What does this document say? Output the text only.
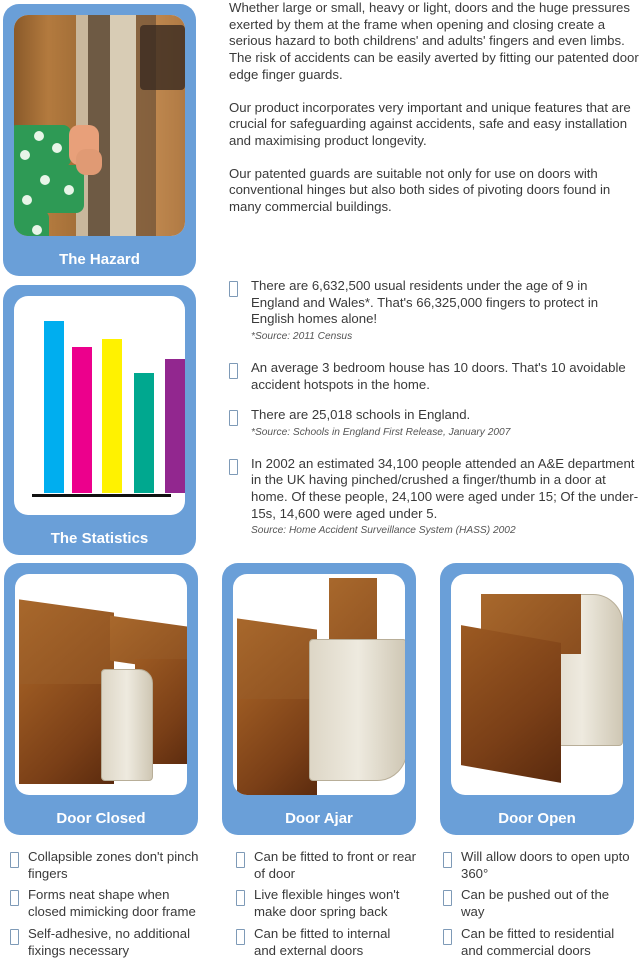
Whether large or small, heavy or light, doors and the huge pressures exerted by them at the frame when opening and closing create a serious hazard to both childrens' and adults' fingers and even limbs. The risk of accidents can be easily averted by fitting our patented door edge finger guards.

Our product incorporates very important and unique features that are crucial for safeguarding against accidents, safe and easy installation and maximising product longevity.

Our patented guards are suitable not only for use on doors with conventional hinges but also both sides of pivoting doors found in many commercial buildings.

The Hazard
The Statistics
There are 6,632,500 usual residents under the age of 9 in England and Wales*. That's 66,325,000 fingers to protect in English homes alone!
*Source: 2011 Census
An average 3 bedroom house has 10 doors. That's 10 avoidable accident hotspots in the home.
There are 25,018 schools in England.
*Source: Schools in England First Release, January 2007
In 2002 an estimated 34,100 people attended an A&E department in the UK having pinched/crushed a finger/thumb in a door at home. Of these people, 24,100 were aged under 15; Of the under-15s, 14,600 were aged under 5.
Source: Home Accident Surveillance System (HASS) 2002
Door Closed	Door Ajar	Door Open
Collapsible zones don't pinch fingers
Forms neat shape when closed mimicking door frame
Self-adhesive, no additional fixings necessary
Can be fitted to front or rear of door
Live flexible hinges won't make door spring back
Can be fitted to internal and external doors
Will allow doors to open upto 360°
Can be pushed out of the way
Can be fitted to residential and commercial doors
